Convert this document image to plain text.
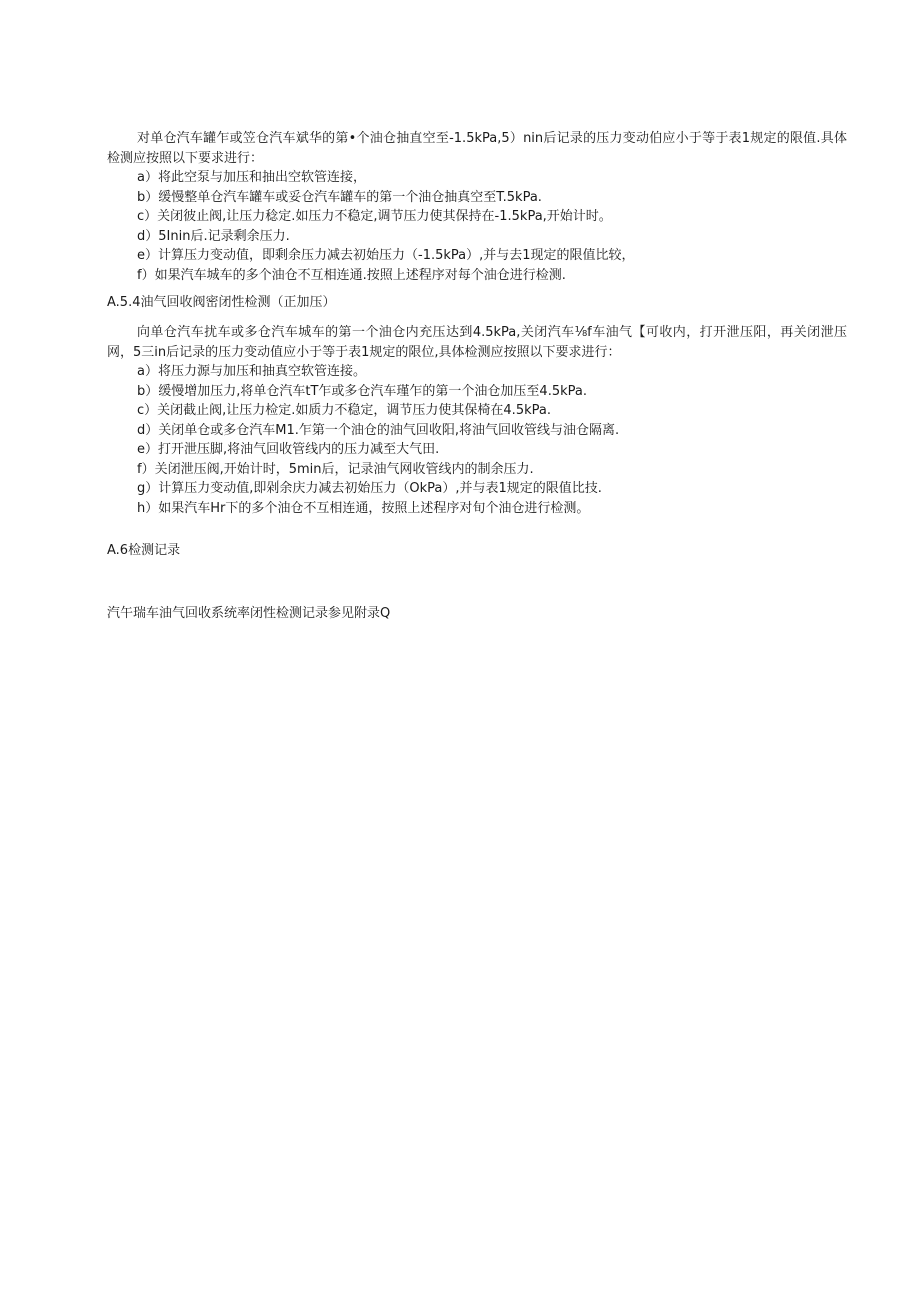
对单仓汽车罐乍或笠仓汽车斌华的第•个油仓抽直空至-1.5kPa,5）nin后记录的压力变动伯应小于等于表1规定的限值.具体检测应按照以下要求进行：

a）将此空泵与加压和抽出空软管连接，

b）缓慢整单仓汽车罐车或妥仓汽车罐车的第一个油仓抽真空至T.5kPa.

c）关闭彼止阀,让压力稔定.如压力不稳定,调节压力使其保持在-1.5kPa,开始计时。

d）5Inin后.记录剩余压力.

e）计算压力变动值，即剩余压力减去初始压力（-1.5kPa）,并与去1现定的限值比较，

f）如果汽车城车的多个油仓不互相连通.按照上述程序对每个油仓进行检测.

A.5.4油气回收阀密闭性检测（正加压）

向单仓汽车扰车或多仓汽车城车的第一个油仓内充压达到4.5kPa,关闭汽车⅛f车油气【可收内，打开泄压阳，再关闭泄压网，5三in后记录的压力变动值应小于等于表1规定的限位,具体检测应按照以下要求进行：

a）将压力源与加压和抽真空软管连接。

b）缓慢增加压力,将单仓汽车tT乍或多仓汽车瑾乍的第一个油仓加压至4.5kPa.

c）关闭截止阀,让压力检定.如质力不稳定，调节压力使其保椅在4.5kPa.

d）关闭单仓或多仓汽车M1.乍第一个油仓的油气回收阳,将油气回收管线与油仓隔离.

e）打开泄压脚,将油气回收管线内的压力减至大气田.

f）关闭泄压阀,开始计时，5min后，记录油气网收管线内的制余压力.

g）计算压力变动值,即剁余庆力减去初始压力（OkPa）,并与表1规定的限值比技.

h）如果汽车Hr下的多个油仓不互相连通，按照上述程序对旬个油仓进行检测。

A.6检测记录

汽午瑞车油气回收系统率闭性检测记录参见附录Q
